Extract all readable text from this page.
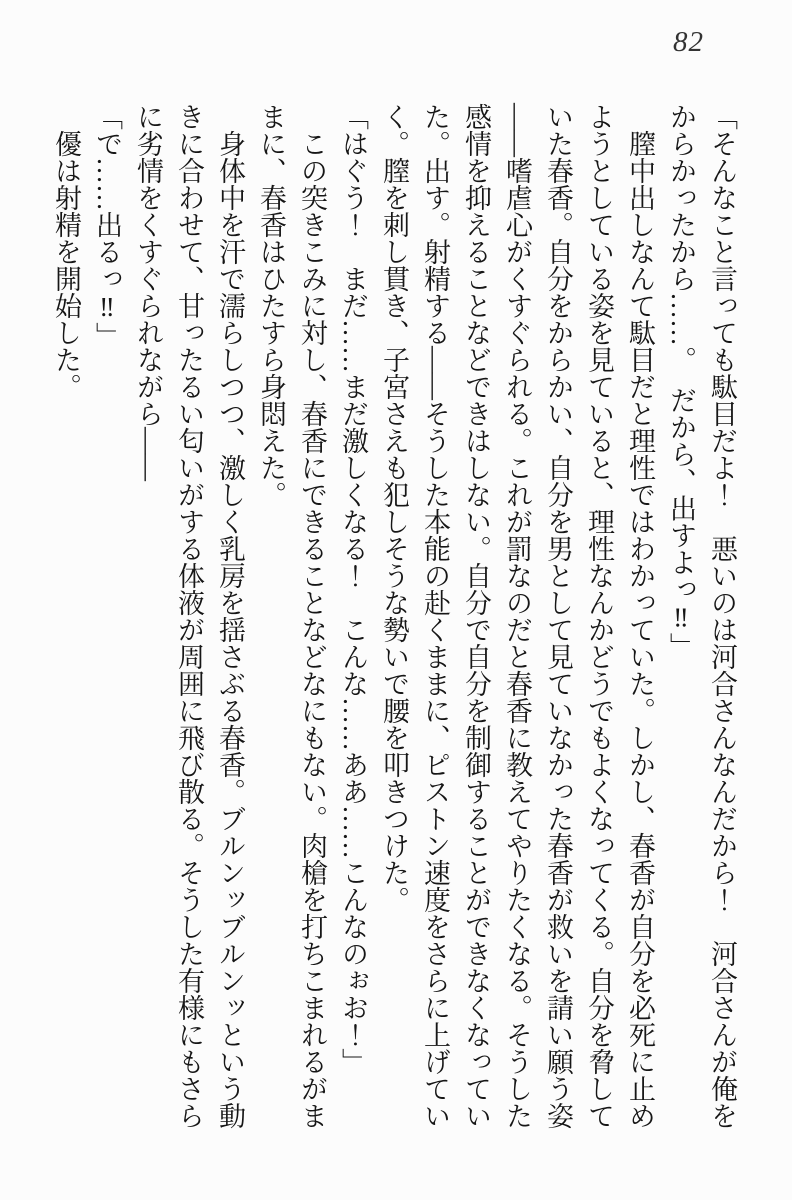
82

「そんなこと言っても駄目だよ！　悪いのは河合さんなんだから！　河合さんが俺を

からかったから……。　だから、出すよっ‼」

膣中出しなんて駄目だと理性ではわかっていた。しかし、春香が自分を必死に止め

ようとしている姿を見ていると、理性なんかどうでもよくなってくる。自分を脅して

いた春香。自分をからかい、自分を男として見ていなかった春香が救いを請い願う姿

――嗜虐心がくすぐられる。これが罰なのだと春香に教えてやりたくなる。そうした

感情を抑えることなどできはしない。自分で自分を制御することができなくなってい

た。出す。射精する――そうした本能の赴くままに、ピストン速度をさらに上げてい

く。膣を刺し貫き、子宮さえも犯しそうな勢いで腰を叩きつけた。

「はぐう！　まだ……まだ激しくなる！　こんな……ああ……こんなのぉお！」

この突きこみに対し、春香にできることなどなにもない。肉槍を打ちこまれるがま

まに、春香はひたすら身悶えた。

身体中を汗で濡らしつつ、激しく乳房を揺さぶる春香。ブルンッブルンッという動

きに合わせて、甘ったるい匂いがする体液が周囲に飛び散る。そうした有様にもさら

に劣情をくすぐられながら――

「で……出るっ‼」

優は射精を開始した。
